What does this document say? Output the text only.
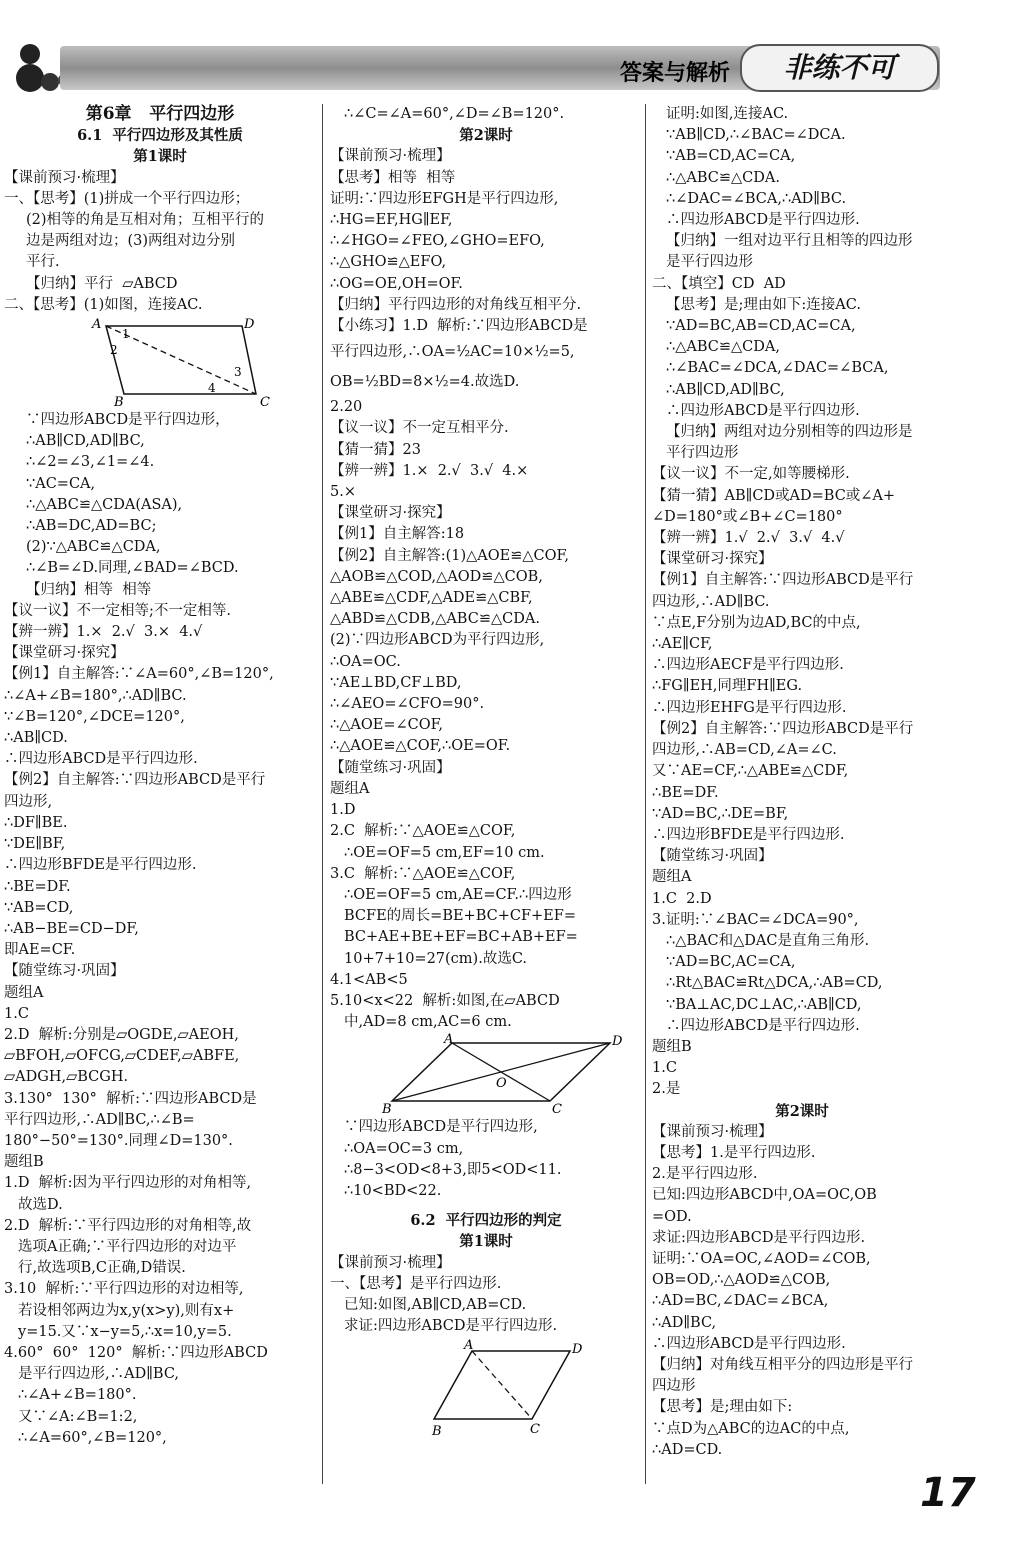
答案与解析	非练不可

第6章   平行四边形

6.1  平行四边形及其性质

第1课时

【课前预习·梳理】

一、【思考】(1)拼成一个平行四边形；

(2)相等的角是互相对角；互相平行的

边是两组对边；(3)两组对边分别

平行.

【归纳】平行  ▱ABCD

二、【思考】(1)如图，连接AC.

A	D
B	C
1
2
3
4

∵四边形ABCD是平行四边形，

∴AB∥CD,AD∥BC,

∴∠2=∠3,∠1=∠4.

∵AC=CA,

∴△ABC≌△CDA(ASA),

∴AB=DC,AD=BC;

(2)∵△ABC≌△CDA,

∴∠B=∠D.同理,∠BAD=∠BCD.

【归纳】相等  相等

【议一议】不一定相等;不一定相等.

【辨一辨】1.×  2.√  3.×  4.√

【课堂研习·探究】

【例1】自主解答:∵∠A=60°,∠B=120°,

∴∠A+∠B=180°,∴AD∥BC.

∵∠B=120°,∠DCE=120°,

∴AB∥CD.

∴四边形ABCD是平行四边形.

【例2】自主解答:∵四边形ABCD是平行

四边形,

∴DF∥BE.

∵DE∥BF,

∴四边形BFDE是平行四边形.

∴BE=DF.

∵AB=CD,

∴AB−BE=CD−DF,

即AE=CF.

【随堂练习·巩固】

题组A

1.C

2.D  解析:分别是▱OGDE,▱AEOH,

▱BFOH,▱OFCG,▱CDEF,▱ABFE,

▱ADGH,▱BCGH.

3.130°  130°  解析:∵四边形ABCD是

平行四边形,∴AD∥BC,∴∠B=

180°−50°=130°.同理∠D=130°.

题组B

1.D  解析:因为平行四边形的对角相等,

故选D.

2.D  解析:∵平行四边形的对角相等,故

选项A正确;∵平行四边形的对边平

行,故选项B,C正确,D错误.

3.10  解析:∵平行四边形的对边相等,

若设相邻两边为x,y(x>y),则有x+

y=15.又∵x−y=5,∴x=10,y=5.

4.60°  60°  120°  解析:∵四边形ABCD

是平行四边形,∴AD∥BC,

∴∠A+∠B=180°.

又∵∠A:∠B=1:2,

∴∠A=60°,∠B=120°,

∴∠C=∠A=60°,∠D=∠B=120°.

第2课时

【课前预习·梳理】

【思考】相等  相等

证明:∵四边形EFGH是平行四边形,

∴HG=EF,HG∥EF,

∴∠HGO=∠FEO,∠GHO=EFO,

∴△GHO≌△EFO,

∴OG=OE,OH=OF.

【归纳】平行四边形的对角线互相平分.

【小练习】1.D  解析:∵四边形ABCD是

平行四边形,∴OA=½AC=10×½=5,

OB=½BD=8×½=4.故选D.

2.20

【议一议】不一定互相平分.

【猜一猜】23

【辨一辨】1.×  2.√  3.√  4.×

5.×

【课堂研习·探究】

【例1】自主解答:18

【例2】自主解答:(1)△AOE≌△COF,

△AOB≌△COD,△AOD≌△COB,

△ABE≌△CDF,△ADE≌△CBF,

△ABD≌△CDB,△ABC≌△CDA.

(2)∵四边形ABCD为平行四边形,

∴OA=OC.

∵AE⊥BD,CF⊥BD,

∴∠AEO=∠CFO=90°.

∴△AOE=∠COF,

∴△AOE≌△COF,∴OE=OF.

【随堂练习·巩固】

题组A

1.D

2.C  解析:∵△AOE≌△COF,

∴OE=OF=5 cm,EF=10 cm.

3.C  解析:∵△AOE≌△COF,

∴OE=OF=5 cm,AE=CF.∴四边形

BCFE的周长=BE+BC+CF+EF=

BC+AE+BE+EF=BC+AB+EF=

10+7+10=27(cm).故选C.

4.1<AB<5

5.10<x<22  解析:如图,在▱ABCD

中,AD=8 cm,AC=6 cm.

A	D
O
B	C

∵四边形ABCD是平行四边形,

∴OA=OC=3 cm,

∴8−3<OD<8+3,即5<OD<11.

∴10<BD<22.

6.2  平行四边形的判定

第1课时

【课前预习·梳理】

一、【思考】是平行四边形.

已知:如图,AB∥CD,AB=CD.

求证:四边形ABCD是平行四边形.

A	D
B	C

证明:如图,连接AC.

∵AB∥CD,∴∠BAC=∠DCA.

∵AB=CD,AC=CA,

∴△ABC≌△CDA.

∴∠DAC=∠BCA,∴AD∥BC.

∴四边形ABCD是平行四边形.

【归纳】一组对边平行且相等的四边形

是平行四边形

二、【填空】CD  AD

【思考】是;理由如下:连接AC.

∵AD=BC,AB=CD,AC=CA,

∴△ABC≌△CDA,

∴∠BAC=∠DCA,∠DAC=∠BCA,

∴AB∥CD,AD∥BC,

∴四边形ABCD是平行四边形.

【归纳】两组对边分别相等的四边形是

平行四边形

【议一议】不一定,如等腰梯形.

【猜一猜】AB∥CD或AD=BC或∠A+

∠D=180°或∠B+∠C=180°

【辨一辨】1.√  2.√  3.√  4.√

【课堂研习·探究】

【例1】自主解答:∵四边形ABCD是平行

四边形,∴AD∥BC.

∵点E,F分别为边AD,BC的中点,

∴AE∥CF,

∴四边形AECF是平行四边形.

∴FG∥EH,同理FH∥EG.

∴四边形EHFG是平行四边形.

【例2】自主解答:∵四边形ABCD是平行

四边形,∴AB=CD,∠A=∠C.

又∵AE=CF,∴△ABE≌△CDF,

∴BE=DF.

∵AD=BC,∴DE=BF,

∴四边形BFDE是平行四边形.

【随堂练习·巩固】

题组A

1.C  2.D

3.证明:∵∠BAC=∠DCA=90°,

∴△BAC和△DAC是直角三角形.

∵AD=BC,AC=CA,

∴Rt△BAC≌Rt△DCA,∴AB=CD,

∵BA⊥AC,DC⊥AC,∴AB∥CD,

∴四边形ABCD是平行四边形.

题组B

1.C

2.是

第2课时

【课前预习·梳理】

【思考】1.是平行四边形.

2.是平行四边形.

已知:四边形ABCD中,OA=OC,OB

=OD.

求证:四边形ABCD是平行四边形.

证明:∵OA=OC,∠AOD=∠COB,

OB=OD,∴△AOD≌△COB,

∴AD=BC,∠DAC=∠BCA,

∴AD∥BC,

∴四边形ABCD是平行四边形.

【归纳】对角线互相平分的四边形是平行

四边形

【思考】是;理由如下:

∵点D为△ABC的边AC的中点,

∴AD=CD.

17
